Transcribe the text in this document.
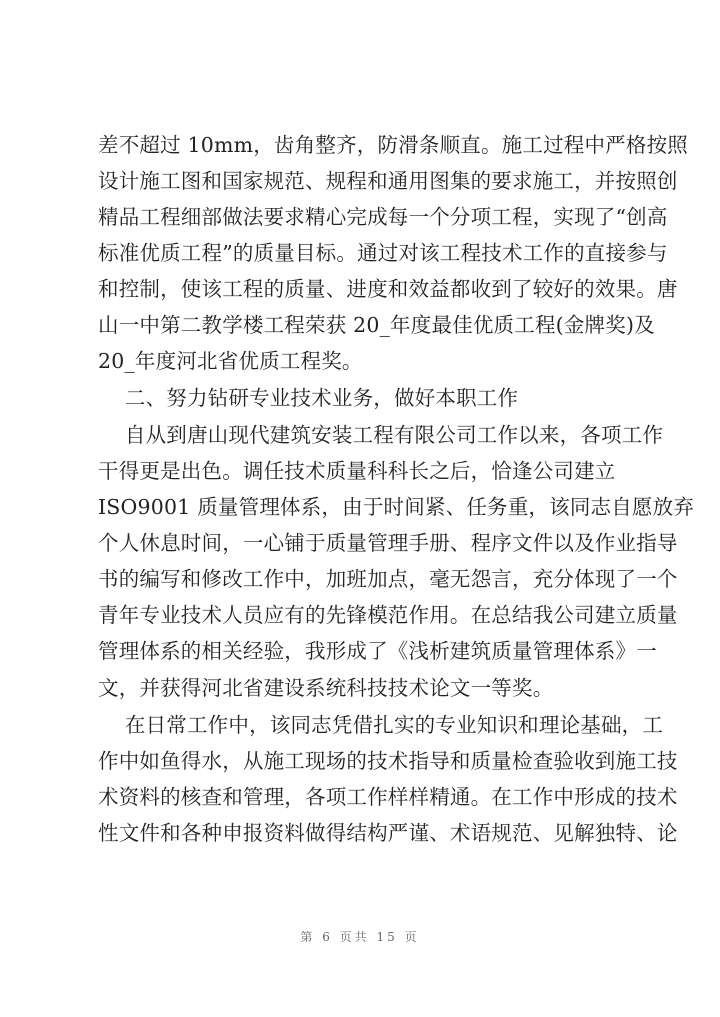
差不超过 10mm，齿角整齐，防滑条顺直。施工过程中严格按照
设计施工图和国家规范、规程和通用图集的要求施工，并按照创
精品工程细部做法要求精心完成每一个分项工程，实现了“创高
标准优质工程”的质量目标。通过对该工程技术工作的直接参与
和控制，使该工程的质量、进度和效益都收到了较好的效果。唐
山一中第二教学楼工程荣获 20_年度最佳优质工程(金牌奖)及
20_年度河北省优质工程奖。
二、努力钻研专业技术业务，做好本职工作
自从到唐山现代建筑安装工程有限公司工作以来，各项工作
干得更是出色。调任技术质量科科长之后，恰逢公司建立
ISO9001 质量管理体系，由于时间紧、任务重，该同志自愿放弃
个人休息时间，一心铺于质量管理手册、程序文件以及作业指导
书的编写和修改工作中，加班加点，毫无怨言，充分体现了一个
青年专业技术人员应有的先锋模范作用。在总结我公司建立质量
管理体系的相关经验，我形成了《浅析建筑质量管理体系》一
文，并获得河北省建设系统科技技术论文一等奖。
在日常工作中，该同志凭借扎实的专业知识和理论基础，工
作中如鱼得水，从施工现场的技术指导和质量检查验收到施工技
术资料的核查和管理，各项工作样样精通。在工作中形成的技术
性文件和各种申报资料做得结构严谨、术语规范、见解独特、论
第 6 页共 15 页
